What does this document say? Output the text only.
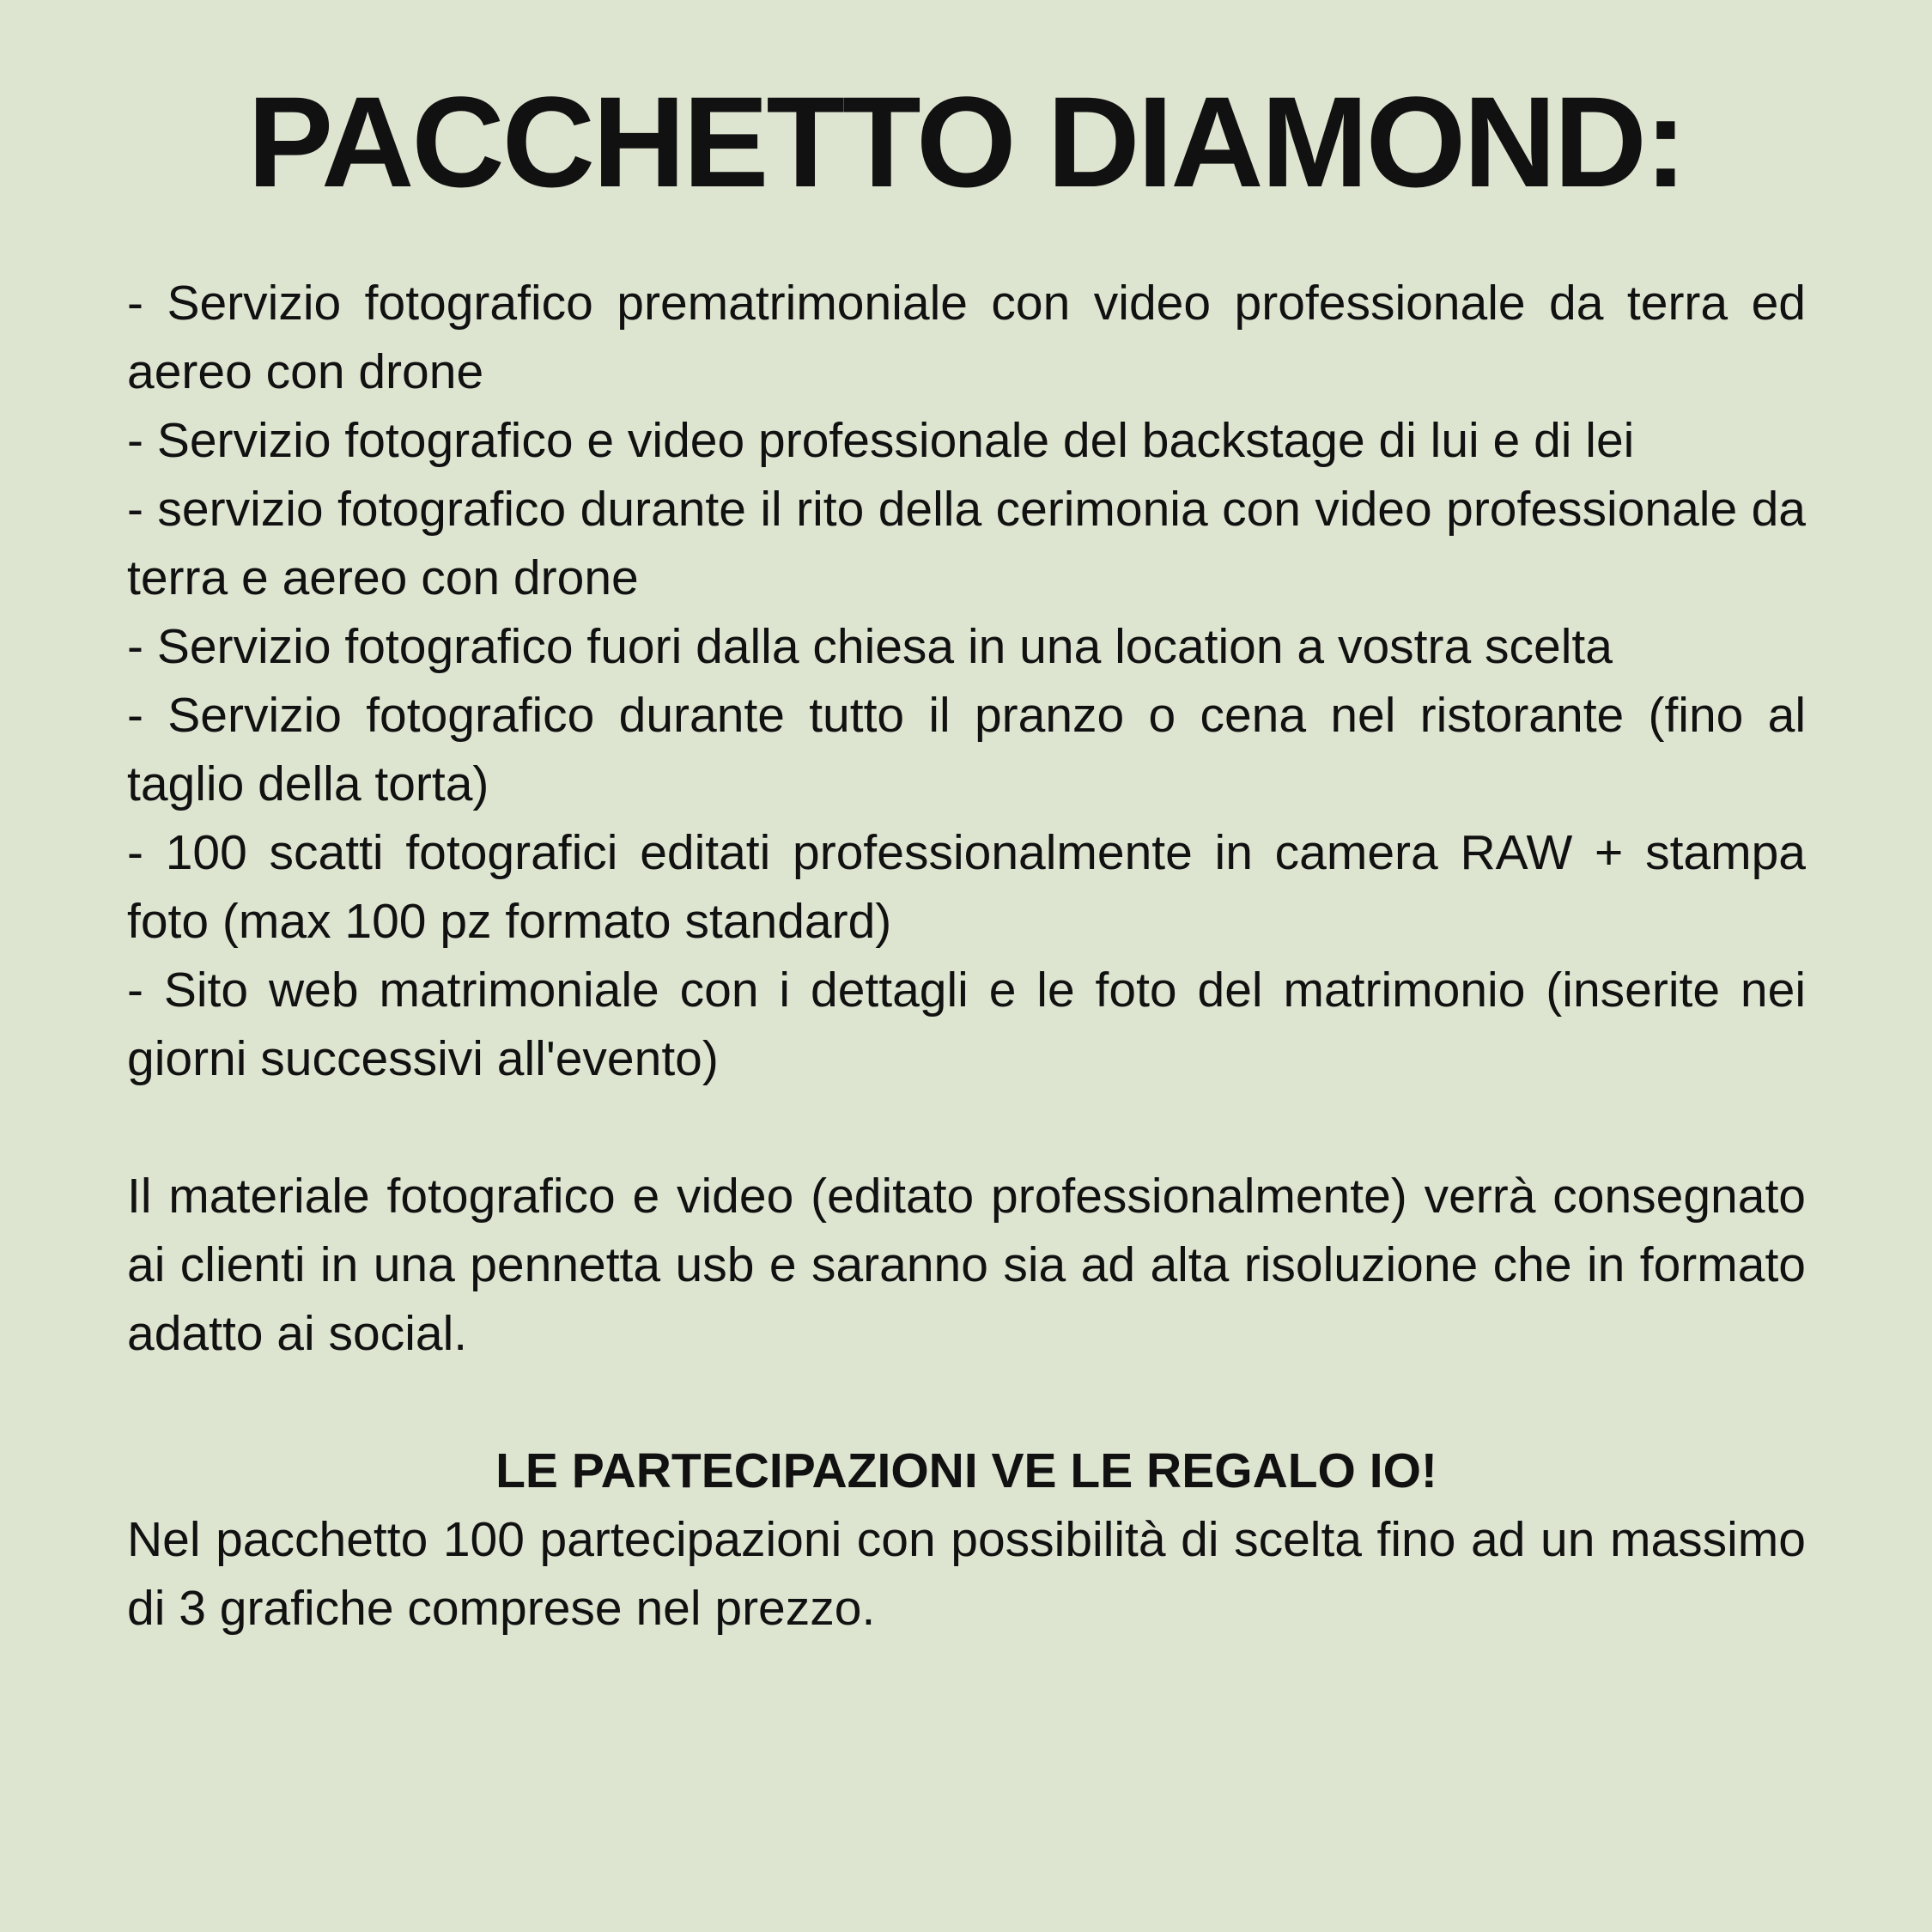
PACCHETTO DIAMOND:
- Servizio fotografico prematrimoniale con video professionale da terra ed aereo con drone
- Servizio fotografico e video professionale del backstage di lui e di lei
- servizio fotografico durante il rito della cerimonia con video professionale da terra e aereo con drone
- Servizio fotografico fuori dalla chiesa in una location a vostra scelta
- Servizio fotografico durante tutto il pranzo o cena nel ristorante (fino al taglio della torta)
- 100 scatti fotografici editati professionalmente in camera RAW + stampa foto (max 100 pz formato standard)
- Sito web matrimoniale con i dettagli e le foto del matrimonio (inserite nei giorni successivi all'evento)

Il materiale fotografico e video (editato professionalmente) verrà consegnato ai clienti in una pennetta usb e saranno sia ad alta risoluzione che in formato adatto ai social.

LE PARTECIPAZIONI VE LE REGALO IO!

Nel pacchetto 100 partecipazioni con possibilità di scelta fino ad un massimo di 3 grafiche comprese nel prezzo.
